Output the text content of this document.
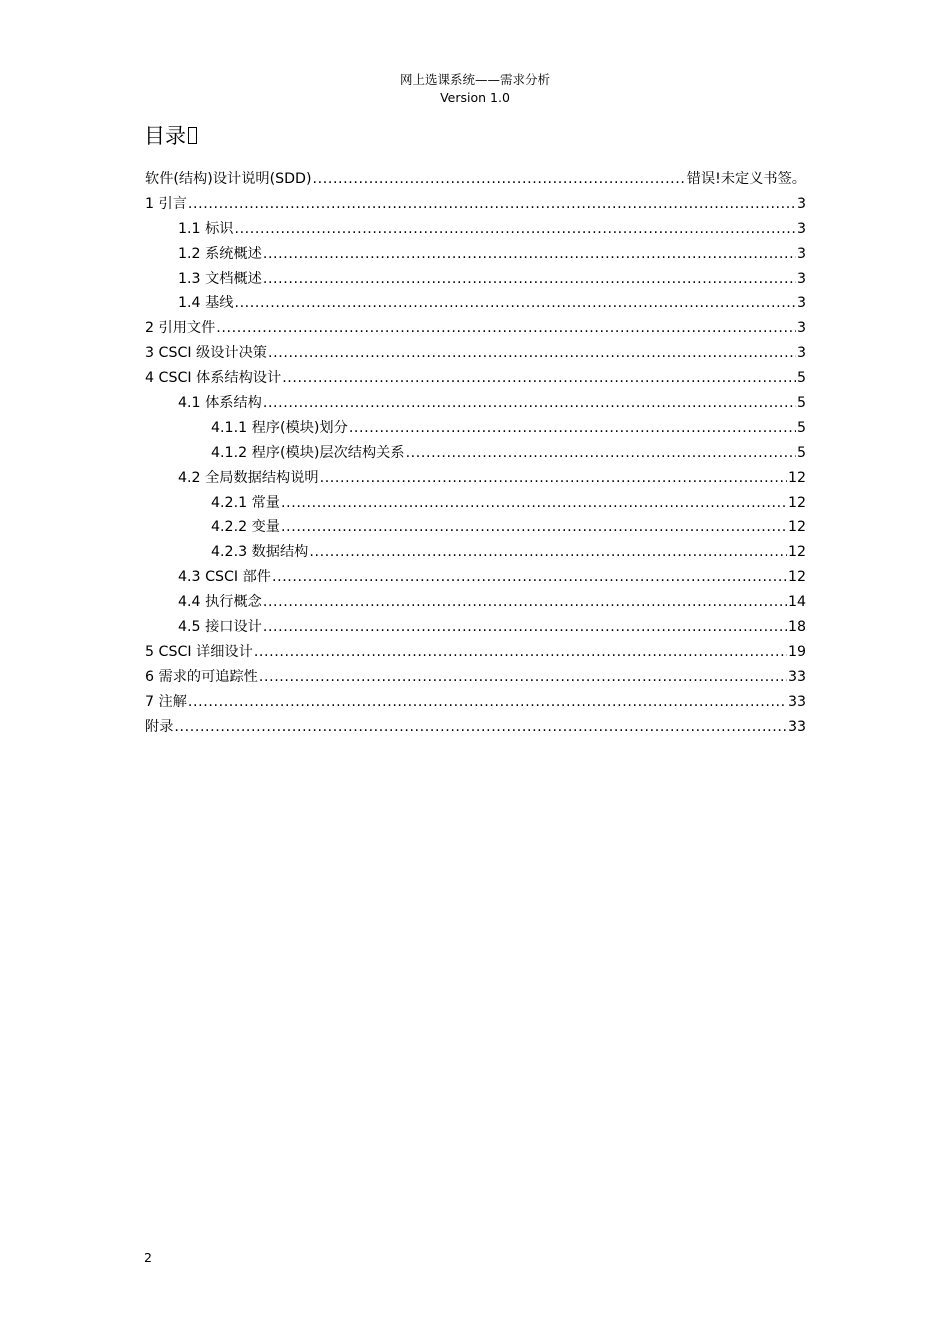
网上选课系统——需求分析
Version 1.0
目录
软件(结构)设计说明(SDD) .....	错误!未定义书签。
1 引言 .....	3
1.1 标识 .....	3
1.2 系统概述 .....	3
1.3 文档概述 .....	3
1.4 基线 .....	3
2 引用文件 .....	3
3 CSCI 级设计决策 .....	3
4 CSCI 体系结构设计 .....	5
4.1 体系结构 .....	5
4.1.1 程序(模块)划分 .....	5
4.1.2 程序(模块)层次结构关系 .....	5
4.2 全局数据结构说明 .....	12
4.2.1 常量 .....	12
4.2.2 变量 .....	12
4.2.3 数据结构 .....	12
4.3 CSCI 部件 .....	12
4.4 执行概念 .....	14
4.5 接口设计 .....	18
5 CSCI 详细设计 .....	19
6 需求的可追踪性 .....	33
7 注解 .....	33
附录 .....	33
2
